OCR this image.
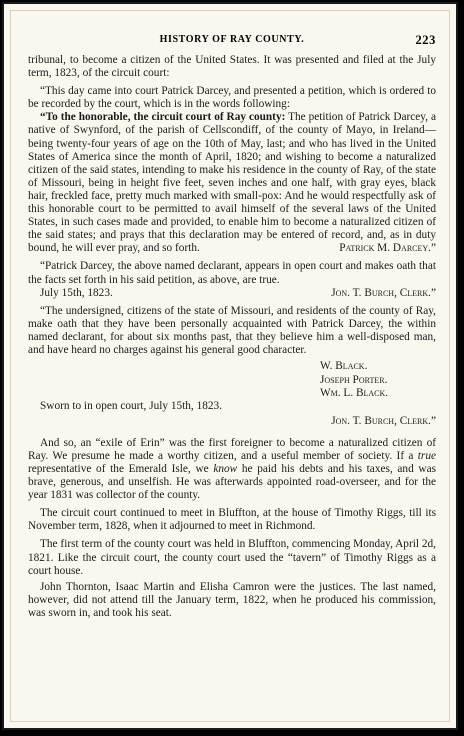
HISTORY OF RAY COUNTY.	223

tribunal, to become a citizen of the United States. It was presented and filed at the July term, 1823, of the circuit court:

“This day came into court Patrick Darcey, and presented a petition, which is ordered to be recorded by the court, which is in the words following:

“To the honorable, the circuit court of Ray county: The petition of Patrick Darcey, a native of Swynford, of the parish of Cellscondiff, of the county of Mayo, in Ireland—being twenty-four years of age on the 10th of May, last; and who has lived in the United States of America since the month of April, 1820; and wishing to become a naturalized citizen of the said states, intending to make his residence in the county of Ray, of the state of Missouri, being in height five feet, seven inches and one half, with gray eyes, black hair, freckled face, pretty much marked with small-pox: And he would respectfully ask of this honorable court to be permitted to avail himself of the several laws of the United States, in such cases made and provided, to enable him to become a naturalized citizen of the said states; and prays that this declaration may be entered of record, and, as in duty bound, he will ever pray, and so forth.	Patrick M. Darcey.”

“Patrick Darcey, the above named declarant, appears in open court and makes oath that the facts set forth in his said petition, as above, are true.

July 15th, 1823.	Jon. T. Burch, Clerk.”

“The undersigned, citizens of the state of Missouri, and residents of the county of Ray, make oath that they have been personally acquainted with Patrick Darcey, the within named declarant, for about six months past, that they believe him a well-disposed man, and have heard no charges against his general good character.

W. Black.
Joseph Porter.
Wm. L. Black.

Sworn to in open court, July 15th, 1823.

Jon. T. Burch, Clerk.”

And so, an “exile of Erin” was the first foreigner to become a naturalized citizen of Ray. We presume he made a worthy citizen, and a useful member of society. If a true representative of the Emerald Isle, we know he paid his debts and his taxes, and was brave, generous, and unselfish. He was afterwards appointed road-overseer, and for the year 1831 was collector of the county.

The circuit court continued to meet in Bluffton, at the house of Timothy Riggs, till its November term, 1828, when it adjourned to meet in Richmond.

The first term of the county court was held in Bluffton, commencing Monday, April 2d, 1821. Like the circuit court, the county court used the “tavern” of Timothy Riggs as a court house.

John Thornton, Isaac Martin and Elisha Camron were the justices. The last named, however, did not attend till the January term, 1822, when he produced his commission, was sworn in, and took his seat.
